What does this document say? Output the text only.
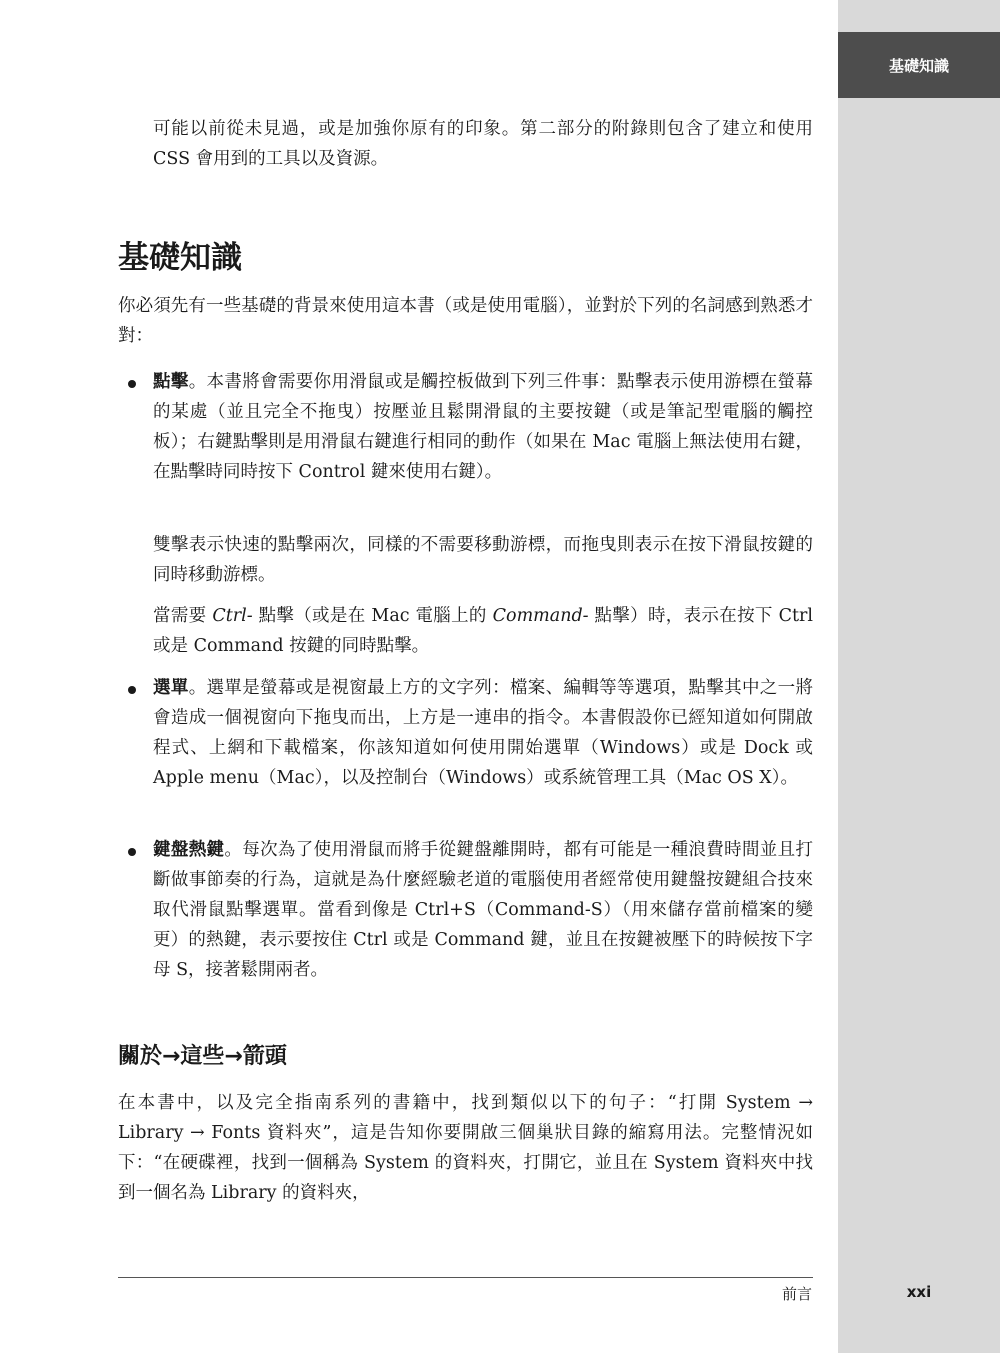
基礎知識

可能以前從未見過，或是加強你原有的印象。第二部分的附錄則包含了建立和使用 CSS 會用到的工具以及資源。

基礎知識

你必須先有一些基礎的背景來使用這本書（或是使用電腦），並對於下列的名詞感到熟悉才對：

點擊。本書將會需要你用滑鼠或是觸控板做到下列三件事：點擊表示使用游標在螢幕的某處（並且完全不拖曳）按壓並且鬆開滑鼠的主要按鍵（或是筆記型電腦的觸控板）；右鍵點擊則是用滑鼠右鍵進行相同的動作（如果在 Mac 電腦上無法使用右鍵，在點擊時同時按下 Control 鍵來使用右鍵）。

雙擊表示快速的點擊兩次，同樣的不需要移動游標，而拖曳則表示在按下滑鼠按鍵的同時移動游標。

當需要 Ctrl- 點擊（或是在 Mac 電腦上的 Command- 點擊）時，表示在按下 Ctrl 或是 Command 按鍵的同時點擊。

選單。選單是螢幕或是視窗最上方的文字列：檔案、編輯等等選項，點擊其中之一將會造成一個視窗向下拖曳而出，上方是一連串的指令。本書假設你已經知道如何開啟程式、上網和下載檔案，你該知道如何使用開始選單（Windows）或是 Dock 或 Apple menu（Mac），以及控制台（Windows）或系統管理工具（Mac OS X）。

鍵盤熱鍵。每次為了使用滑鼠而將手從鍵盤離開時，都有可能是一種浪費時間並且打斷做事節奏的行為，這就是為什麼經驗老道的電腦使用者經常使用鍵盤按鍵組合技來取代滑鼠點擊選單。當看到像是 Ctrl+S（Command-S）（用來儲存當前檔案的變更）的熱鍵，表示要按住 Ctrl 或是 Command 鍵，並且在按鍵被壓下的時候按下字母 S，接著鬆開兩者。

關於→這些→箭頭

在本書中，以及完全指南系列的書籍中，找到類似以下的句子：“打開 System → Library → Fonts 資料夾”，這是告知你要開啟三個巢狀目錄的縮寫用法。完整情況如下：“在硬碟裡，找到一個稱為 System 的資料夾，打開它，並且在 System 資料夾中找到一個名為 Library 的資料夾，

前言	xxi
